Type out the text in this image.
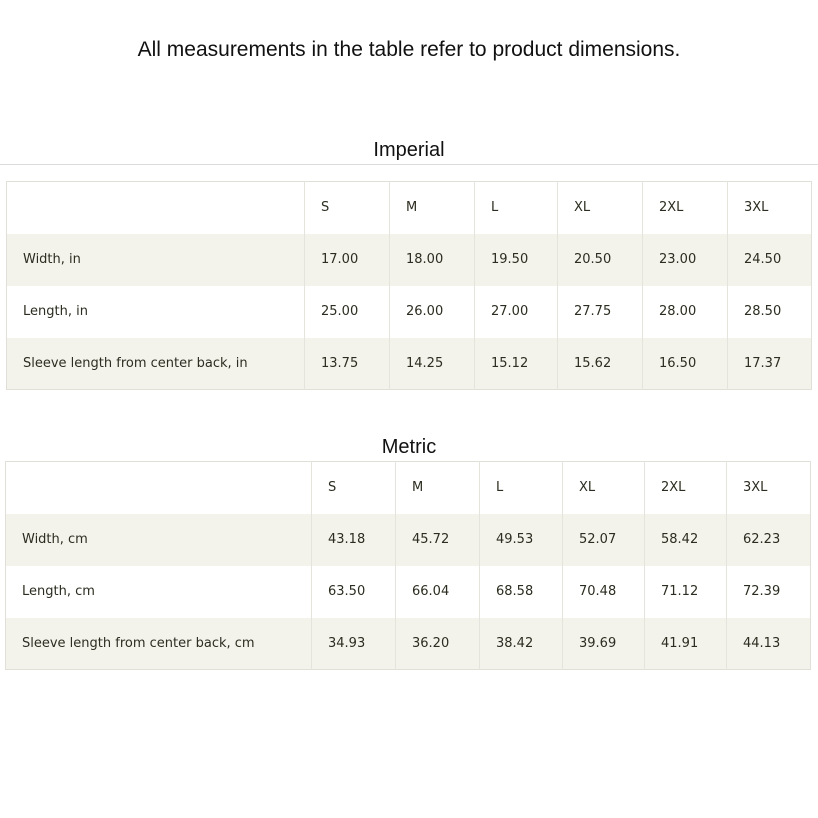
All measurements in the table refer to product dimensions.
Imperial
	S	M	L	XL	2XL	3XL
Width, in	17.00	18.00	19.50	20.50	23.00	24.50
Length, in	25.00	26.00	27.00	27.75	28.00	28.50
Sleeve length from center back, in	13.75	14.25	15.12	15.62	16.50	17.37
Metric
	S	M	L	XL	2XL	3XL
Width, cm	43.18	45.72	49.53	52.07	58.42	62.23
Length, cm	63.50	66.04	68.58	70.48	71.12	72.39
Sleeve length from center back, cm	34.93	36.20	38.42	39.69	41.91	44.13
